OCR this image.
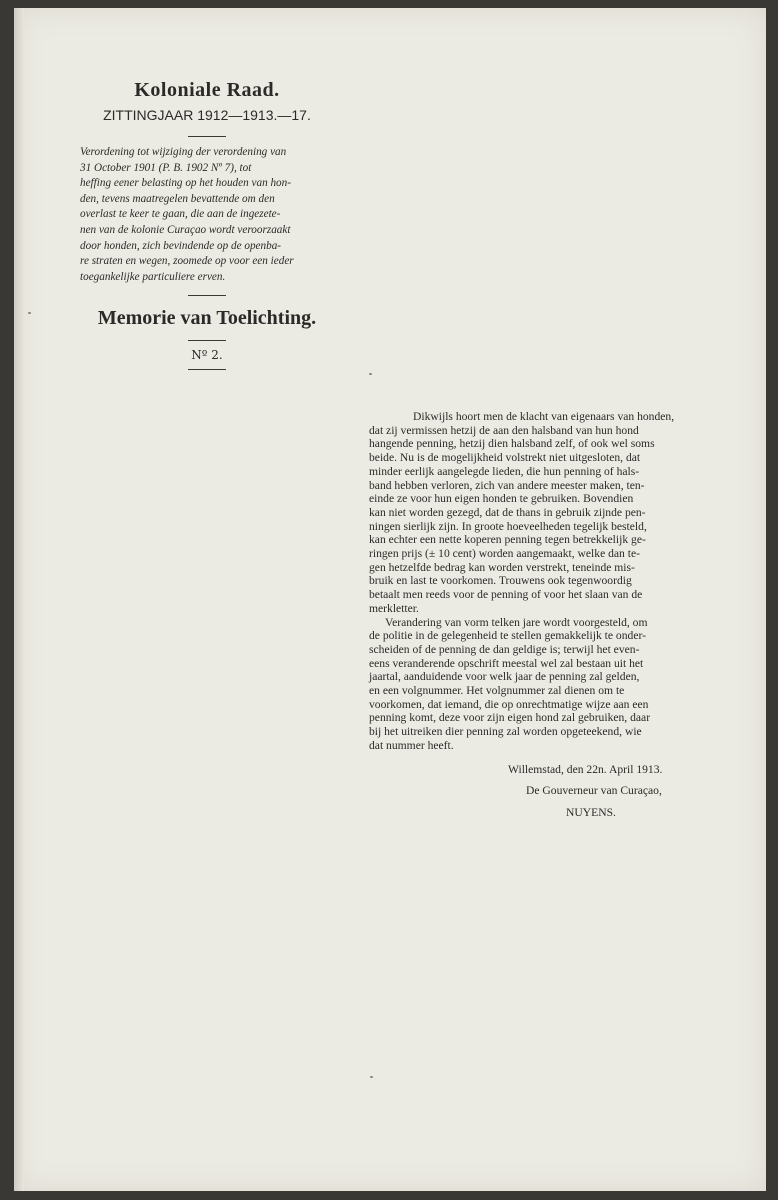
Koloniale Raad.

ZITTINGJAAR 1912—1913.—17.

Verordening tot wijziging der verordening van
31 October 1901 (P. B. 1902 Nº 7), tot
heffing eener belasting op het houden van hon-
den, tevens maatregelen bevattende om den
overlast te keer te gaan, die aan de ingezete-
nen van de kolonie Curaçao wordt veroorzaakt
door honden, zich bevindende op de openba-
re straten en wegen, zoomede op voor een ieder
toegankelijke particuliere erven.

Memorie van Toelichting.

Nº 2.

Dikwijls hoort men de klacht van eigenaars van honden,
dat zij vermissen hetzij de aan den halsband van hun hond
hangende penning, hetzij dien halsband zelf, of ook wel soms
beide. Nu is de mogelijkheid volstrekt niet uitgesloten, dat
minder eerlijk aangelegde lieden, die hun penning of hals-
band hebben verloren, zich van andere meester maken, ten-
einde ze voor hun eigen honden te gebruiken. Bovendien
kan niet worden gezegd, dat de thans in gebruik zijnde pen-
ningen sierlijk zijn. In groote hoeveelheden tegelijk besteld,
kan echter een nette koperen penning tegen betrekkelijk ge-
ringen prijs (± 10 cent) worden aangemaakt, welke dan te-
gen hetzelfde bedrag kan worden verstrekt, teneinde mis-
bruik en last te voorkomen. Trouwens ook tegenwoordig
betaalt men reeds voor de penning of voor het slaan van de
merkletter.

Verandering van vorm telken jare wordt voorgesteld, om
de politie in de gelegenheid te stellen gemakkelijk te onder-
scheiden of de penning de dan geldige is; terwijl het even-
eens veranderende opschrift meestal wel zal bestaan uit het
jaartal, aanduidende voor welk jaar de penning zal gelden,
en een volgnummer. Het volgnummer zal dienen om te
voorkomen, dat iemand, die op onrechtmatige wijze aan een
penning komt, deze voor zijn eigen hond zal gebruiken, daar
bij het uitreiken dier penning zal worden opgeteekend, wie
dat nummer heeft.

Willemstad, den 22n. April 1913.

De Gouverneur van Curaçao,

NUYENS.
